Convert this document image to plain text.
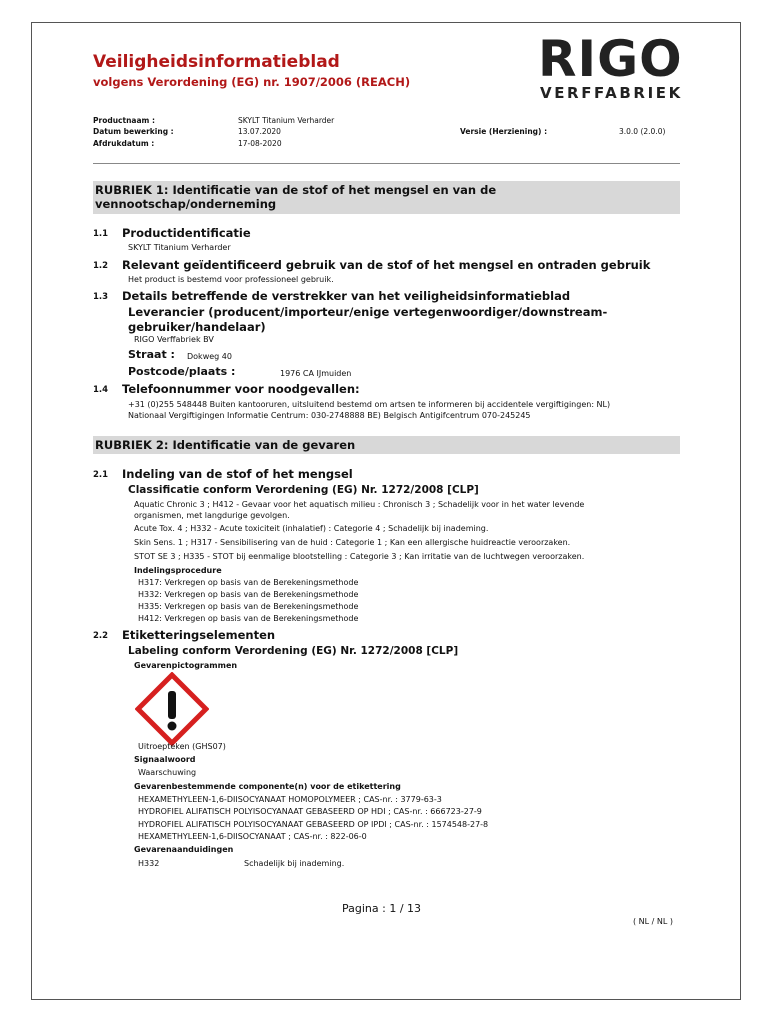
Veiligheidsinformatieblad
volgens Verordening (EG) nr. 1907/2006 (REACH)	RIGO
VERFFABRIEK
Productnaam :	SKYLT Titanium Verharder
Datum bewerking :	13.07.2020	Versie (Herziening) :	3.0.0 (2.0.0)
Afdrukdatum :	17-08-2020
RUBRIEK 1: Identificatie van de stof of het mengsel en van de
vennootschap/onderneming
1.1 Productidentificatie
SKYLT Titanium Verharder
1.2 Relevant geïdentificeerd gebruik van de stof of het mengsel en ontraden gebruik
Het product is bestemd voor professioneel gebruik.
1.3 Details betreffende de verstrekker van het veiligheidsinformatieblad
Leverancier (producent/importeur/enige vertegenwoordiger/downstream-
gebruiker/handelaar)
RIGO Verffabriek BV
Straat : Dokweg 40
Postcode/plaats :	1976 CA IJmuiden
1.4 Telefoonnummer voor noodgevallen:
+31 (0)255 548448 Buiten kantooruren, uitsluitend bestemd om artsen te informeren bij accidentele vergiftigingen: NL)
Nationaal Vergiftigingen Informatie Centrum: 030-2748888 BE) Belgisch Antigifcentrum 070-245245
RUBRIEK 2: Identificatie van de gevaren
2.1 Indeling van de stof of het mengsel
Classificatie conform Verordening (EG) Nr. 1272/2008 [CLP]
Aquatic Chronic 3 ; H412 - Gevaar voor het aquatisch milieu : Chronisch 3 ; Schadelijk voor in het water levende
organismen, met langdurige gevolgen.
Acute Tox. 4 ; H332 - Acute toxiciteit (inhalatief) : Categorie 4 ; Schadelijk bij inademing.
Skin Sens. 1 ; H317 - Sensibilisering van de huid : Categorie 1 ; Kan een allergische huidreactie veroorzaken.
STOT SE 3 ; H335 - STOT bij eenmalige blootstelling : Categorie 3 ; Kan irritatie van de luchtwegen veroorzaken.
Indelingsprocedure
H317: Verkregen op basis van de Berekeningsmethode
H332: Verkregen op basis van de Berekeningsmethode
H335: Verkregen op basis van de Berekeningsmethode
H412: Verkregen op basis van de Berekeningsmethode
2.2 Etiketteringselementen
Labeling conform Verordening (EG) Nr. 1272/2008 [CLP]
Gevarenpictogrammen
Uitroepteken (GHS07)
Signaalwoord
Waarschuwing
Gevarenbestemmende componente(n) voor de etikettering
HEXAMETHYLEEN-1,6-DIISOCYANAAT HOMOPOLYMEER ; CAS-nr. : 3779-63-3
HYDROFIEL ALIFATISCH POLYISOCYANAAT GEBASEERD OP HDI ; CAS-nr. : 666723-27-9
HYDROFIEL ALIFATISCH POLYISOCYANAAT GEBASEERD OP IPDI ; CAS-nr. : 1574548-27-8
HEXAMETHYLEEN-1,6-DIISOCYANAAT ; CAS-nr. : 822-06-0
Gevarenaanduidingen
H332	Schadelijk bij inademing.
Pagina : 1 / 13
( NL / NL )
